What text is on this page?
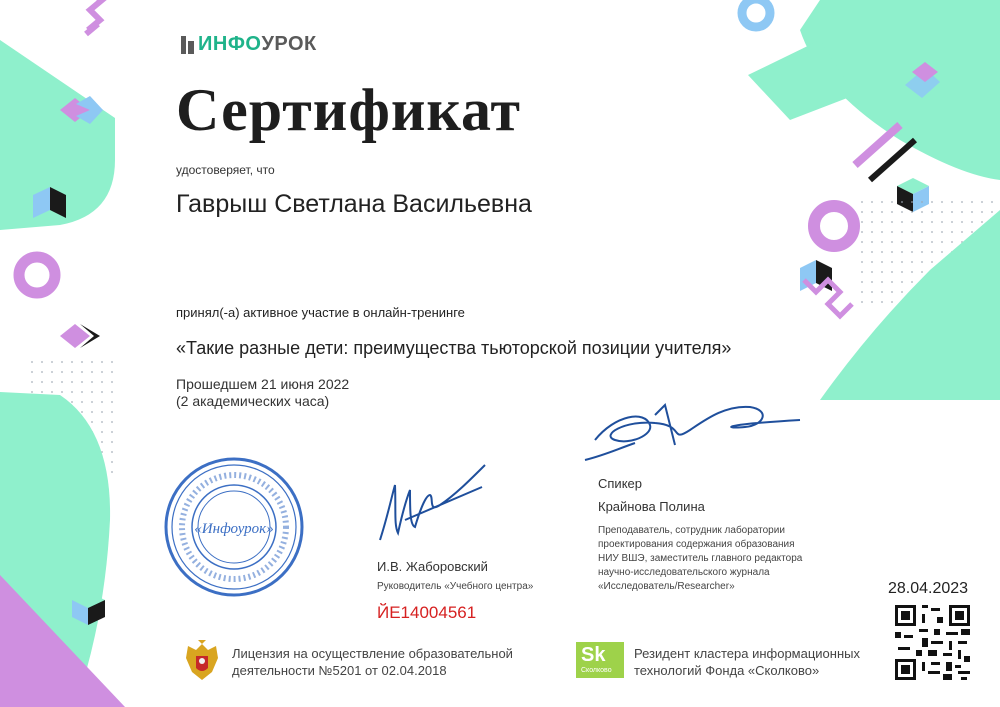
ИНФО УРОК
Сертификат
удостоверяет, что
Гаврыш Светлана Васильевна
принял(-а) активное участие в онлайн-тренинге
«Такие разные дети: преимущества тьюторской позиции учителя»
Прошедшем 21 июня 2022
(2 академических часа)
«Инфоурок»
И.В. Жаборовский
Руководитель «Учебного центра»
ЙЕ14004561
Спикер
Крайнова Полина
Преподаватель, сотрудник лаборатории
проектирования содержания образования
НИУ ВШЭ, заместитель главного редактора
научно-исследовательского журнала
«Исследователь/Researcher»	28.04.2023
Лицензия на осуществление образовательной
деятельности №5201 от 02.04.2018
Sk
Сколково
Резидент кластера информационных
технологий Фонда «Сколково»
